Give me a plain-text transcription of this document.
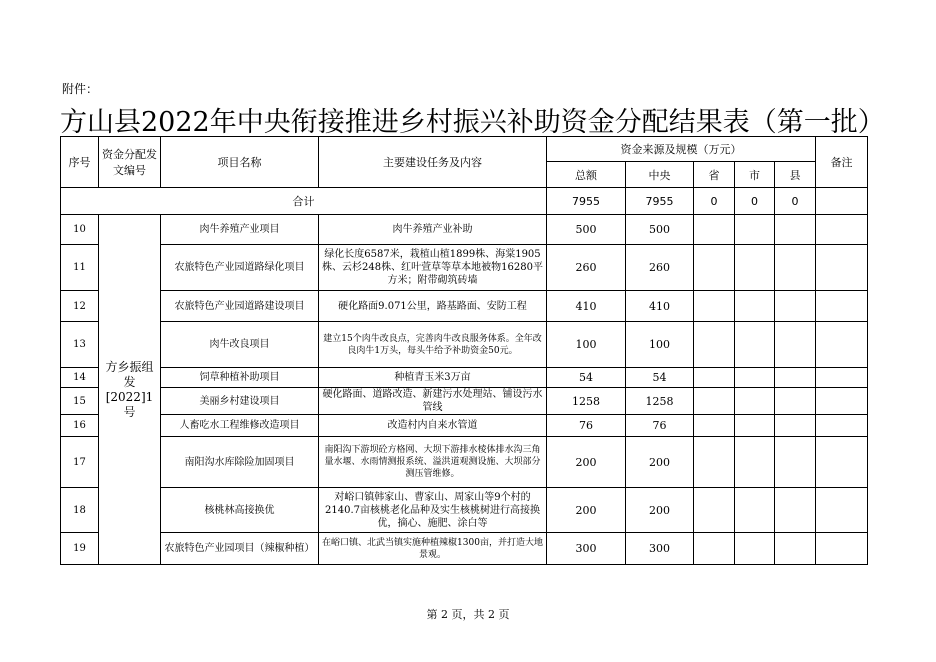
附件：
方山县2022年中央衔接推进乡村振兴补助资金分配结果表（第一批）
序号	资金分配发文编号	项目名称	主要建设任务及内容	资金来源及规模（万元）					备注
				总额	中央	省	市	县	
合计				7955	7955	0	0	0	
10	方乡振组发[2022]1号	肉牛养殖产业项目	肉牛养殖产业补助	500	500				
11		农旅特色产业园道路绿化项目	绿化长度6587米，栽植山植1899株、海棠1905株、云杉248株、红叶萱草等草本地被物16280平方米；附带砌筑砖墙	260	260				
12		农旅特色产业园道路建设项目	硬化路面9.071公里，路基路面、安防工程	410	410				
13		肉牛改良项目	建立15个肉牛改良点，完善肉牛改良服务体系。全年改良肉牛1万头，每头牛给予补助资金50元。	100	100				
14		饲草种植补助项目	种植青玉米3万亩	54	54				
15		美丽乡村建设项目	硬化路面、道路改造、新建污水处理站、铺设污水管线	1258	1258				
16		人畜吃水工程维修改造项目	改造村内自来水管道	76	76				
17		南阳沟水库除险加固项目	南阳沟下游坝砼方格网、大坝下游排水棱体排水沟三角量水堰、水雨情测报系统、溢洪道观测设施、大坝部分测压管维修。	200	200				
18		核桃林高接换优	对峪口镇韩家山、曹家山、周家山等9个村的2140.7亩核桃老化品种及实生核桃树进行高接换优，摘心、施肥、涂白等	200	200				
19		农旅特色产业园项目（辣椒种植）	在峪口镇、北武当镇实施种植辣椒1300亩，并打造大地景观。	300	300				
第 2 页，共 2 页
